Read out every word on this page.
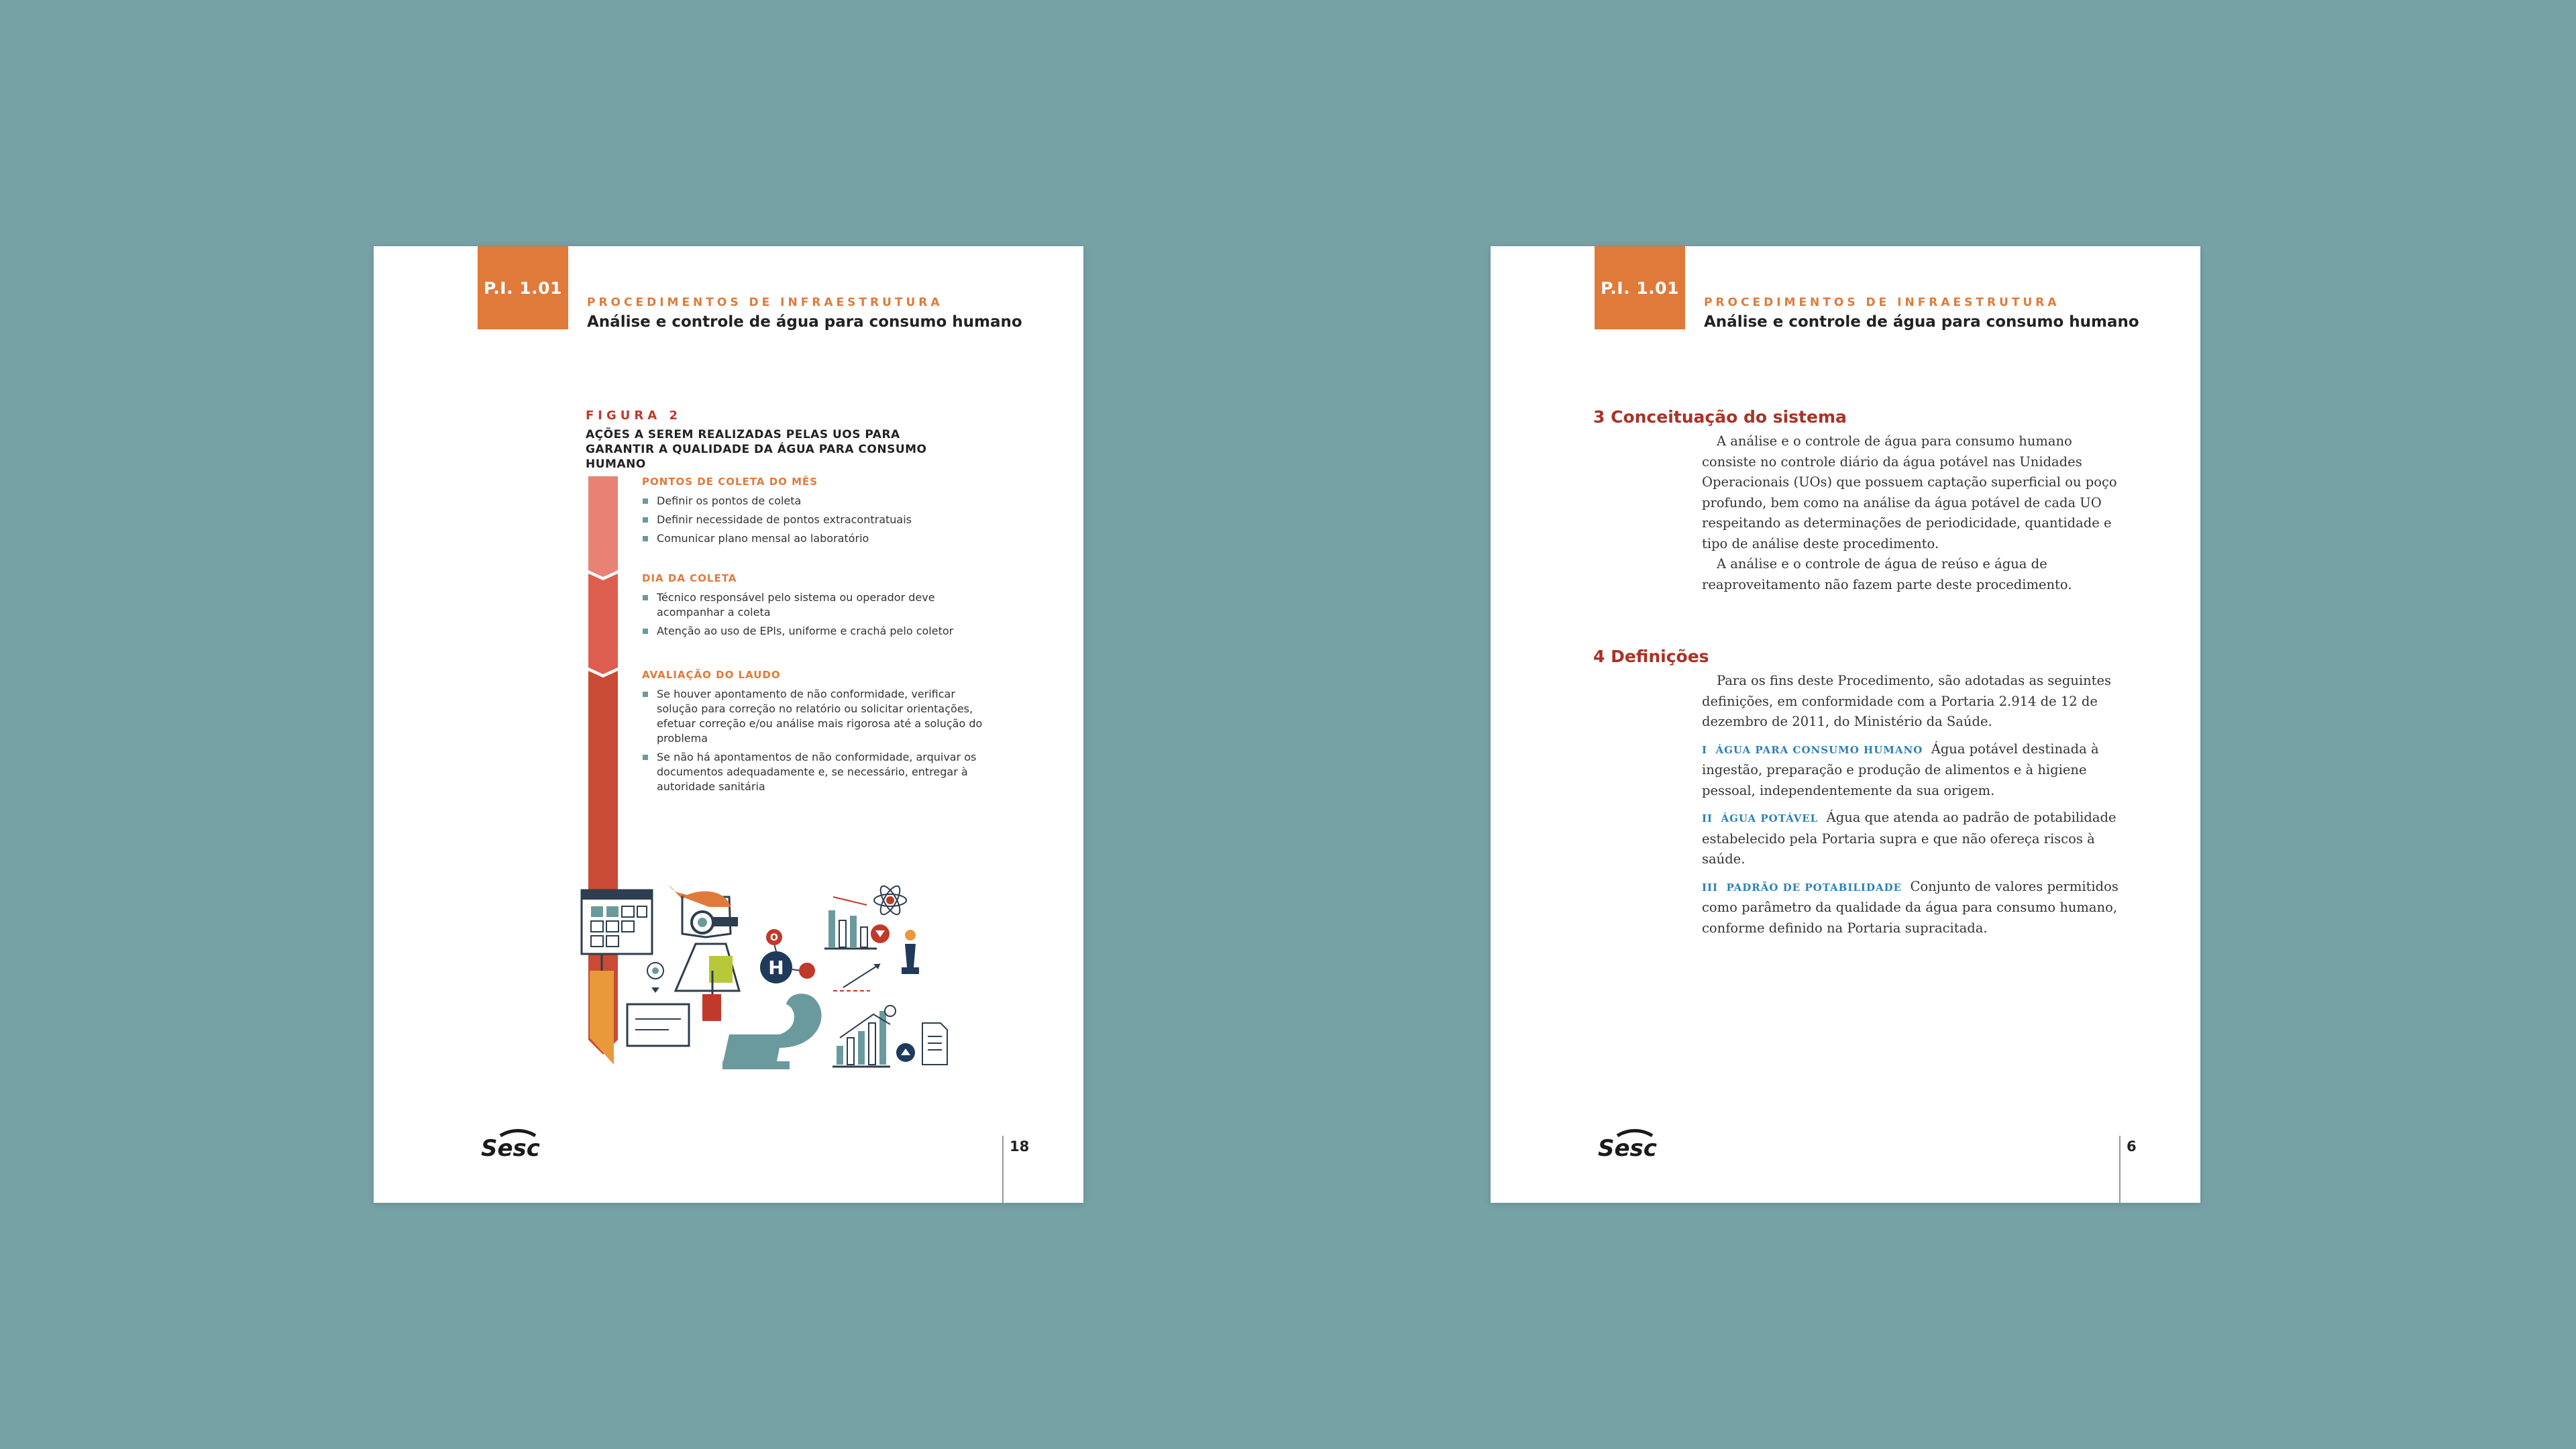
P.I. 1.01
PROCEDIMENTOS DE INFRAESTRUTURA
Análise e controle de água para consumo humano
FIGURA 2
AÇÕES A SEREM REALIZADAS PELAS UOS PARA GARANTIR A QUALIDADE DA ÁGUA PARA CONSUMO HUMANO
PONTOS DE COLETA DO MÊS
Definir os pontos de coleta
Definir necessidade de pontos extracontratuais
Comunicar plano mensal ao laboratório
DIA DA COLETA
Técnico responsável pelo sistema ou operador deve acompanhar a coleta
Atenção ao uso de EPIs, uniforme e crachá pelo coletor
AVALIAÇÃO DO LAUDO
Se houver apontamento de não conformidade, verificar solução para correção no relatório ou solicitar orientações, efetuar correção e/ou análise mais rigorosa até a solução do problema
Se não há apontamentos de não conformidade, arquivar os documentos adequadamente e, se necessário, entregar à autoridade sanitária
H
O
Sesc	18
P.I. 1.01
PROCEDIMENTOS DE INFRAESTRUTURA
Análise e controle de água para consumo humano
3 Conceituação do sistema

A análise e o controle de água para consumo humano consiste no controle diário da água potável nas Unidades Operacionais (UOs) que possuem captação superficial ou poço profundo, bem como na análise da água potável de cada UO respeitando as determinações de periodicidade, quantidade e tipo de análise deste procedimento.

A análise e o controle de água de reúso e água de reaproveitamento não fazem parte deste procedimento.

4 Definições

Para os fins deste Procedimento, são adotadas as seguintes definições, em conformidade com a Portaria 2.914 de 12 de dezembro de 2011, do Ministério da Saúde.

I ÁGUA PARA CONSUMO HUMANO Água potável destinada à ingestão, preparação e produção de alimentos e à higiene pessoal, independentemente da sua origem.

II ÁGUA POTÁVEL Água que atenda ao padrão de potabilidade estabelecido pela Portaria supra e que não ofereça riscos à saúde.

III PADRÃO DE POTABILIDADE Conjunto de valores permitidos como parâmetro da qualidade da água para consumo humano, conforme definido na Portaria supracitada.

Sesc	6
